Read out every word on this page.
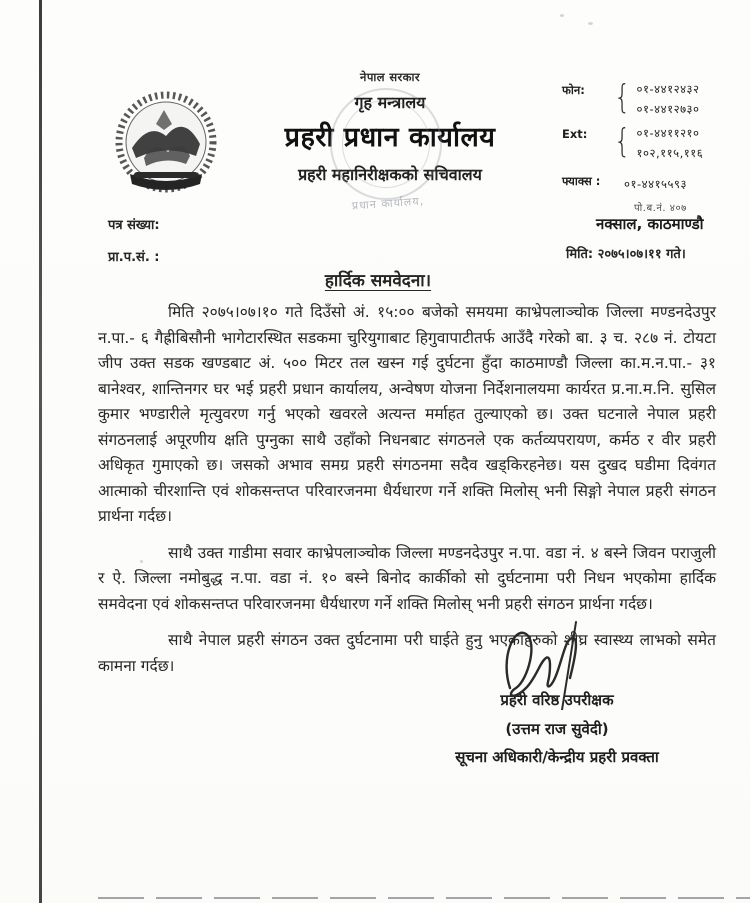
नेपाल सरकार
गृह मन्त्रालय
प्रहरी प्रधान कार्यालय
प्रहरी महानिरीक्षकको सचिवालय
प्रधान कार्यालय,
फोन:	{ ०१-४४१२४३२
०१-४४१२७३०
Ext:	{ ०१-४४११२१०
१०२,११५,११६
फ्याक्स :	०१-४४१५५९३
पो.ब.नं. ४०७
नक्साल, काठमाण्डौ
पत्र संख्या:
प्रा.प.सं. :	मिति: २०७५।०७।११ गते।
हार्दिक समवेदना।

मिति २०७५।०७।१० गते दिउँसो अं. १५:०० बजेको समयमा काभ्रेपलाञ्चोक जिल्ला मण्डनदेउपुर न.पा.- ६ गैह्रीबिसौनी भागेटारस्थित सडकमा चुरियुगाबाट हिगुवापाटीतर्फ आउँदै गरेको बा. ३ च. २८७ नं. टोयटा जीप उक्त सडक खण्डबाट अं. ५०० मिटर तल खस्न गई दुर्घटना हुँदा काठमाण्डौ जिल्ला का.म.न.पा.- ३१ बानेश्वर, शान्तिनगर घर भई प्रहरी प्रधान कार्यालय, अन्वेषण योजना निर्देशनालयमा कार्यरत प्र.ना.म.नि. सुसिल कुमार भण्डारीले मृत्युवरण गर्नु भएको खवरले अत्यन्त मर्माहत तुल्याएको छ। उक्त घटनाले नेपाल प्रहरी संगठनलाई अपूरणीय क्षति पुग्नुका साथै उहाँको निधनबाट संगठनले एक कर्तव्यपरायण, कर्मठ र वीर प्रहरी अधिकृत गुमाएको छ। जसको अभाव समग्र प्रहरी संगठनमा सदैव खड्किरहनेछ। यस दुखद घडीमा दिवंगत आत्माको चीरशान्ति एवं शोकसन्तप्त परिवारजनमा धैर्यधारण गर्ने शक्ति मिलोस् भनी सिङ्गो नेपाल प्रहरी संगठन प्रार्थना गर्दछ।

साथै उक्त गाडीमा सवार काभ्रेपलाञ्चोक जिल्ला मण्डनदेउपुर न.पा. वडा नं. ४ बस्ने जिवन पराजुली र ऐ. जिल्ला नमोबुद्ध न.पा. वडा नं. १० बस्ने बिनोद कार्कीको सो दुर्घटनामा परी निधन भएकोमा हार्दिक समवेदना एवं शोकसन्तप्त परिवारजनमा धैर्यधारण गर्ने शक्ति मिलोस् भनी प्रहरी संगठन प्रार्थना गर्दछ।

साथै नेपाल प्रहरी संगठन उक्त दुर्घटनामा परी घाईते हुनु भएकाहरुको शीघ्र स्वास्थ्य लाभको समेत कामना गर्दछ।

प्रहरी वरिष्ठ उपरीक्षक
(उत्तम राज सुवेदी)
सूचना अधिकारी/केन्द्रीय प्रहरी प्रवक्ता
